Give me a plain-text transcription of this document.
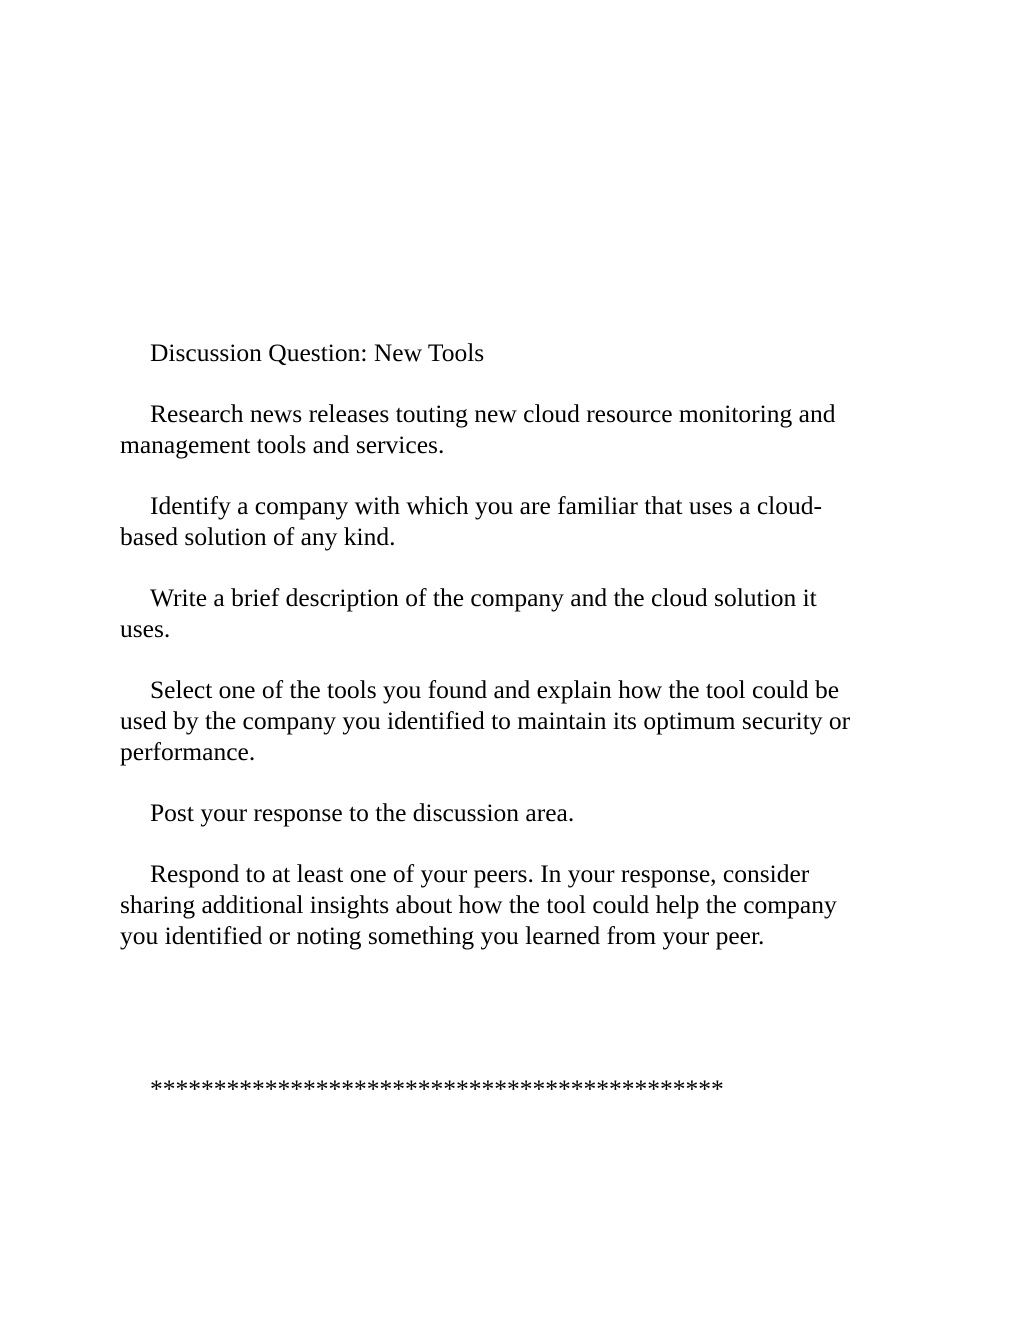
Discussion Question: New Tools

Research news releases touting new cloud resource monitoring and
management tools and services.

Identify a company with which you are familiar that uses a cloud-
based solution of any kind.

Write a brief description of the company and the cloud solution it
uses.

Select one of the tools you found and explain how the tool could be
used by the company you identified to maintain its optimum security or
performance.

Post your response to the discussion area.

Respond to at least one of your peers. In your response, consider
sharing additional insights about how the tool could help the company
you identified or noting something you learned from your peer.

*********************************************
